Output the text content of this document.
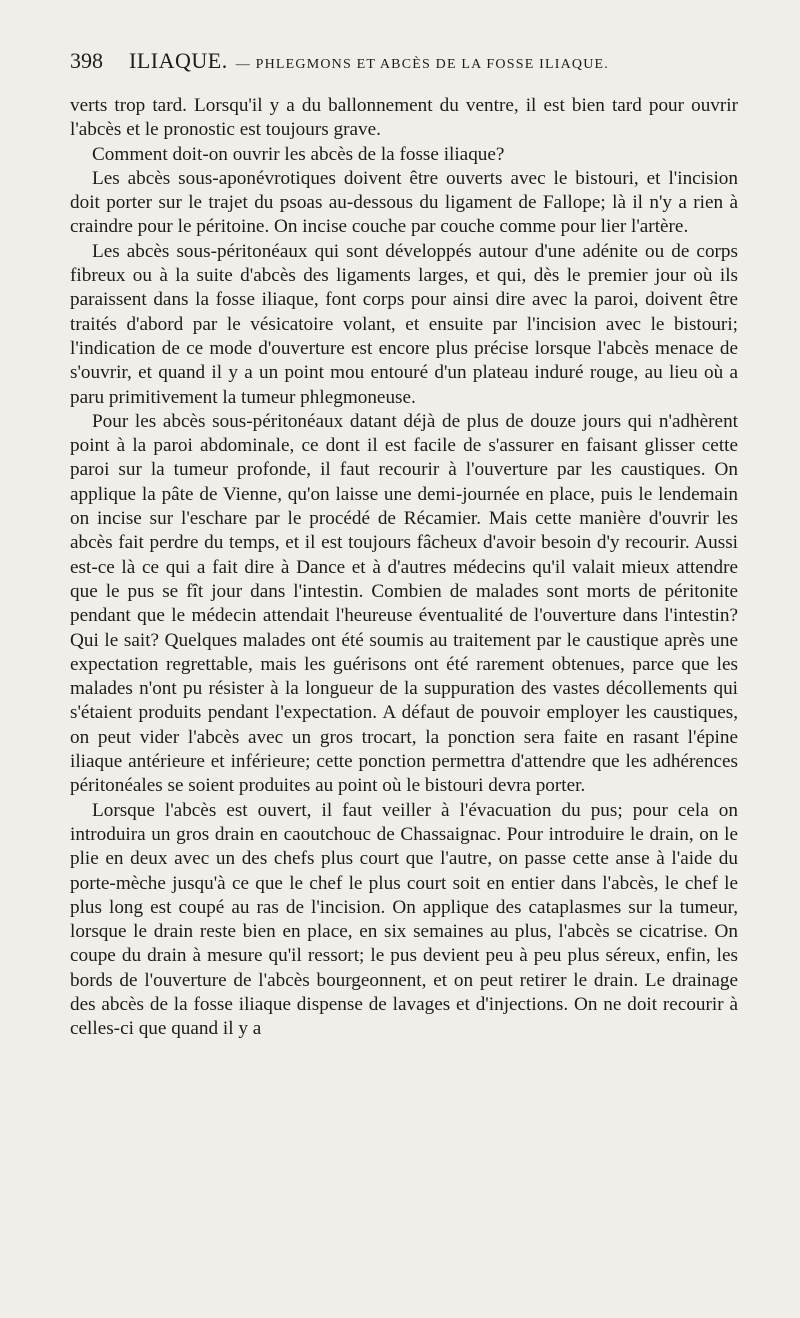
398 ILIAQUE. — PHLEGMONS ET ABCÈS DE LA FOSSE ILIAQUE.

verts trop tard. Lorsqu'il y a du ballonnement du ventre, il est bien tard pour ouvrir l'abcès et le pronostic est toujours grave.

Comment doit-on ouvrir les abcès de la fosse iliaque?

Les abcès sous-aponévrotiques doivent être ouverts avec le bistouri, et l'incision doit porter sur le trajet du psoas au-dessous du ligament de Fallope; là il n'y a rien à craindre pour le péritoine. On incise couche par couche comme pour lier l'artère.

Les abcès sous-péritonéaux qui sont développés autour d'une adénite ou de corps fibreux ou à la suite d'abcès des ligaments larges, et qui, dès le premier jour où ils paraissent dans la fosse iliaque, font corps pour ainsi dire avec la paroi, doivent être traités d'abord par le vésicatoire volant, et ensuite par l'incision avec le bistouri; l'indication de ce mode d'ouverture est encore plus précise lorsque l'abcès menace de s'ouvrir, et quand il y a un point mou entouré d'un plateau induré rouge, au lieu où a paru primitivement la tumeur phlegmoneuse.

Pour les abcès sous-péritonéaux datant déjà de plus de douze jours qui n'adhèrent point à la paroi abdominale, ce dont il est facile de s'assurer en faisant glisser cette paroi sur la tumeur profonde, il faut recourir à l'ouverture par les caustiques. On applique la pâte de Vienne, qu'on laisse une demi-journée en place, puis le lendemain on incise sur l'eschare par le procédé de Récamier. Mais cette manière d'ouvrir les abcès fait perdre du temps, et il est toujours fâcheux d'avoir besoin d'y recourir. Aussi est-ce là ce qui a fait dire à Dance et à d'autres médecins qu'il valait mieux attendre que le pus se fît jour dans l'intestin. Combien de malades sont morts de péritonite pendant que le médecin attendait l'heureuse éventualité de l'ouverture dans l'intestin? Qui le sait? Quelques malades ont été soumis au traitement par le caustique après une expectation regrettable, mais les guérisons ont été rarement obtenues, parce que les malades n'ont pu résister à la longueur de la suppuration des vastes décollements qui s'étaient produits pendant l'expectation. A défaut de pouvoir employer les caustiques, on peut vider l'abcès avec un gros trocart, la ponction sera faite en rasant l'épine iliaque antérieure et inférieure; cette ponction permettra d'attendre que les adhérences péritonéales se soient produites au point où le bistouri devra porter.

Lorsque l'abcès est ouvert, il faut veiller à l'évacuation du pus; pour cela on introduira un gros drain en caoutchouc de Chassaignac. Pour introduire le drain, on le plie en deux avec un des chefs plus court que l'autre, on passe cette anse à l'aide du porte-mèche jusqu'à ce que le chef le plus court soit en entier dans l'abcès, le chef le plus long est coupé au ras de l'incision. On applique des cataplasmes sur la tumeur, lorsque le drain reste bien en place, en six semaines au plus, l'abcès se cicatrise. On coupe du drain à mesure qu'il ressort; le pus devient peu à peu plus séreux, enfin, les bords de l'ouverture de l'abcès bourgeonnent, et on peut retirer le drain. Le drainage des abcès de la fosse iliaque dispense de lavages et d'injections. On ne doit recourir à celles-ci que quand il y a
